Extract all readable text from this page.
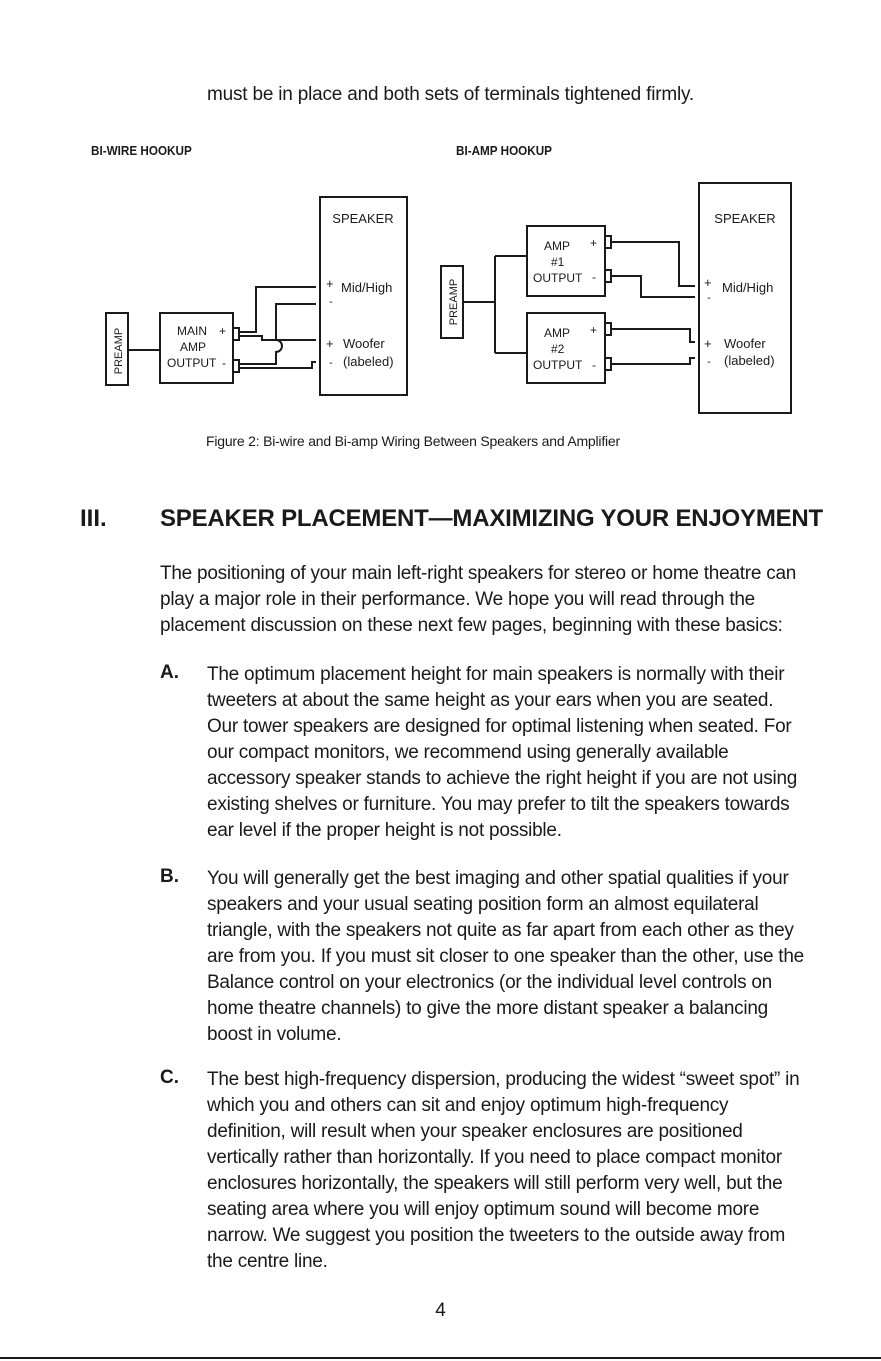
must be in place and both sets of terminals tightened firmly.
BI-WIRE HOOKUP	BI-AMP HOOKUP
PREAMP	MAIN +
AMP
OUTPUT -
SPEAKER
+ Mid/High
-
+ Woofer
- (labeled)
PREAMP
AMP +
#1
OUTPUT -
AMP +
#2
OUTPUT -
SPEAKER
+ Mid/High
-
+ Woofer
- (labeled)
Figure 2: Bi-wire and Bi-amp Wiring Between Speakers and Amplifier
III. SPEAKER PLACEMENT—MAXIMIZING YOUR ENJOYMENT
The positioning of your main left-right speakers for stereo or home theatre can play a major role in their performance. We hope you will read through the placement discussion on these next few pages, beginning with these basics:
A. The optimum placement height for main speakers is normally with their tweeters at about the same height as your ears when you are seated. Our tower speakers are designed for optimal listening when seated. For our compact monitors, we recommend using generally available accessory speaker stands to achieve the right height if you are not using existing shelves or furniture. You may prefer to tilt the speakers towards ear level if the proper height is not possible.
B. You will generally get the best imaging and other spatial qualities if your speakers and your usual seating position form an almost equilateral triangle, with the speakers not quite as far apart from each other as they are from you. If you must sit closer to one speaker than the other, use the Balance control on your electronics (or the individual level controls on home theatre channels) to give the more distant speaker a balancing boost in volume.
C. The best high-frequency dispersion, producing the widest “sweet spot” in which you and others can sit and enjoy optimum high-frequency definition, will result when your speaker enclosures are positioned vertically rather than horizontally. If you need to place compact monitor enclosures horizontally, the speakers will still perform very well, but the seating area where you will enjoy optimum sound will become more narrow. We suggest you position the tweeters to the outside away from the centre line.
4
